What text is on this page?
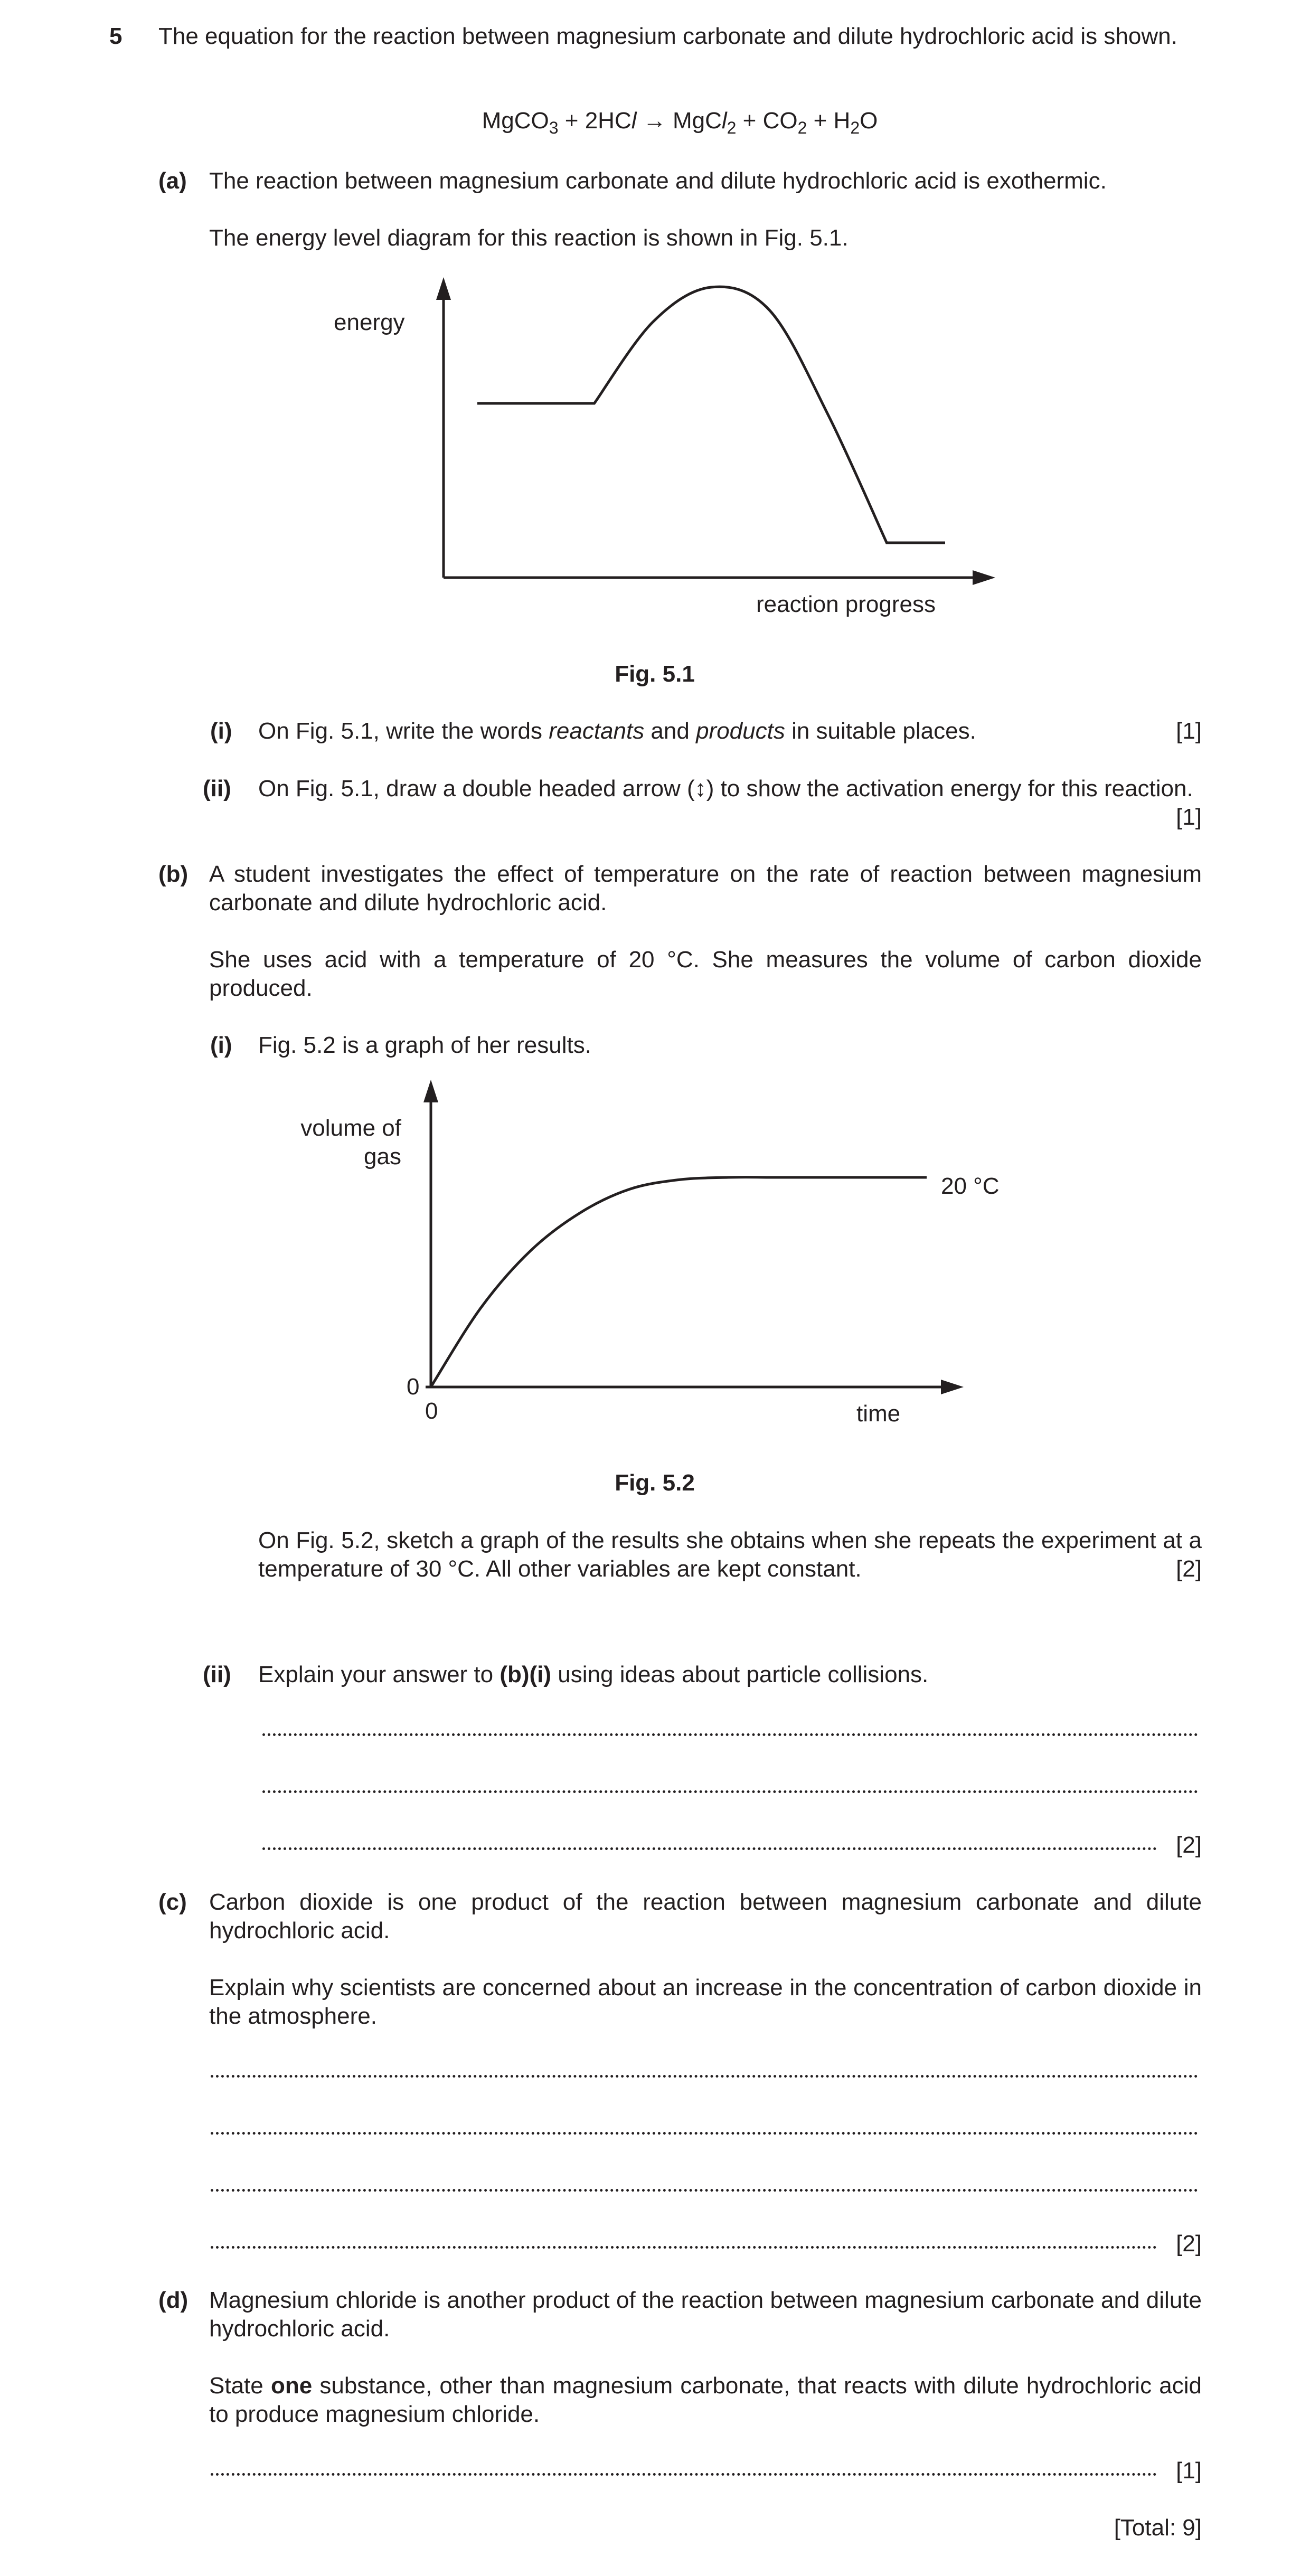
5 The equation for the reaction between magnesium carbonate and dilute hydrochloric acid is shown.
MgCO$_3$ + 2HCl → MgCl$_2$ + $CO_2 + H_2O$
(a) The reaction between magnesium carbonate and dilute hydrochloric acid is exothermic.
The energy level diagram for this reaction is shown in Fig. 5.1.
energy
reaction progress
Fig. 5.1
(i) On Fig. 5.1, write the words reactants and products in suitable places.	[1]
(ii) On Fig. 5.1, draw a double headed arrow (↕) to show the activation energy for this reaction.
[1]
(b) A student investigates the effect of temperature on the rate of reaction between magnesium carbonate and dilute hydrochloric acid.
She uses acid with a temperature of 20 °C. She measures the volume of carbon dioxide produced.
(i) Fig. 5.2 is a graph of her results.
volume of gas
time
0
0
20 °C
Fig. 5.2
On Fig. 5.2, sketch a graph of the results she obtains when she repeats the experiment at a temperature of 30 °C. All other variables are kept constant.	[2]
(ii) Explain your answer to (b)(i) using ideas about particle collisions.
[2]
(c) Carbon dioxide is one product of the reaction between magnesium carbonate and dilute hydrochloric acid.
Explain why scientists are concerned about an increase in the concentration of carbon dioxide in the atmosphere.
[2]
(d) Magnesium chloride is another product of the reaction between magnesium carbonate and dilute hydrochloric acid.
State one substance, other than magnesium carbonate, that reacts with dilute hydrochloric acid to produce magnesium chloride.
[1]
[Total: 9]
